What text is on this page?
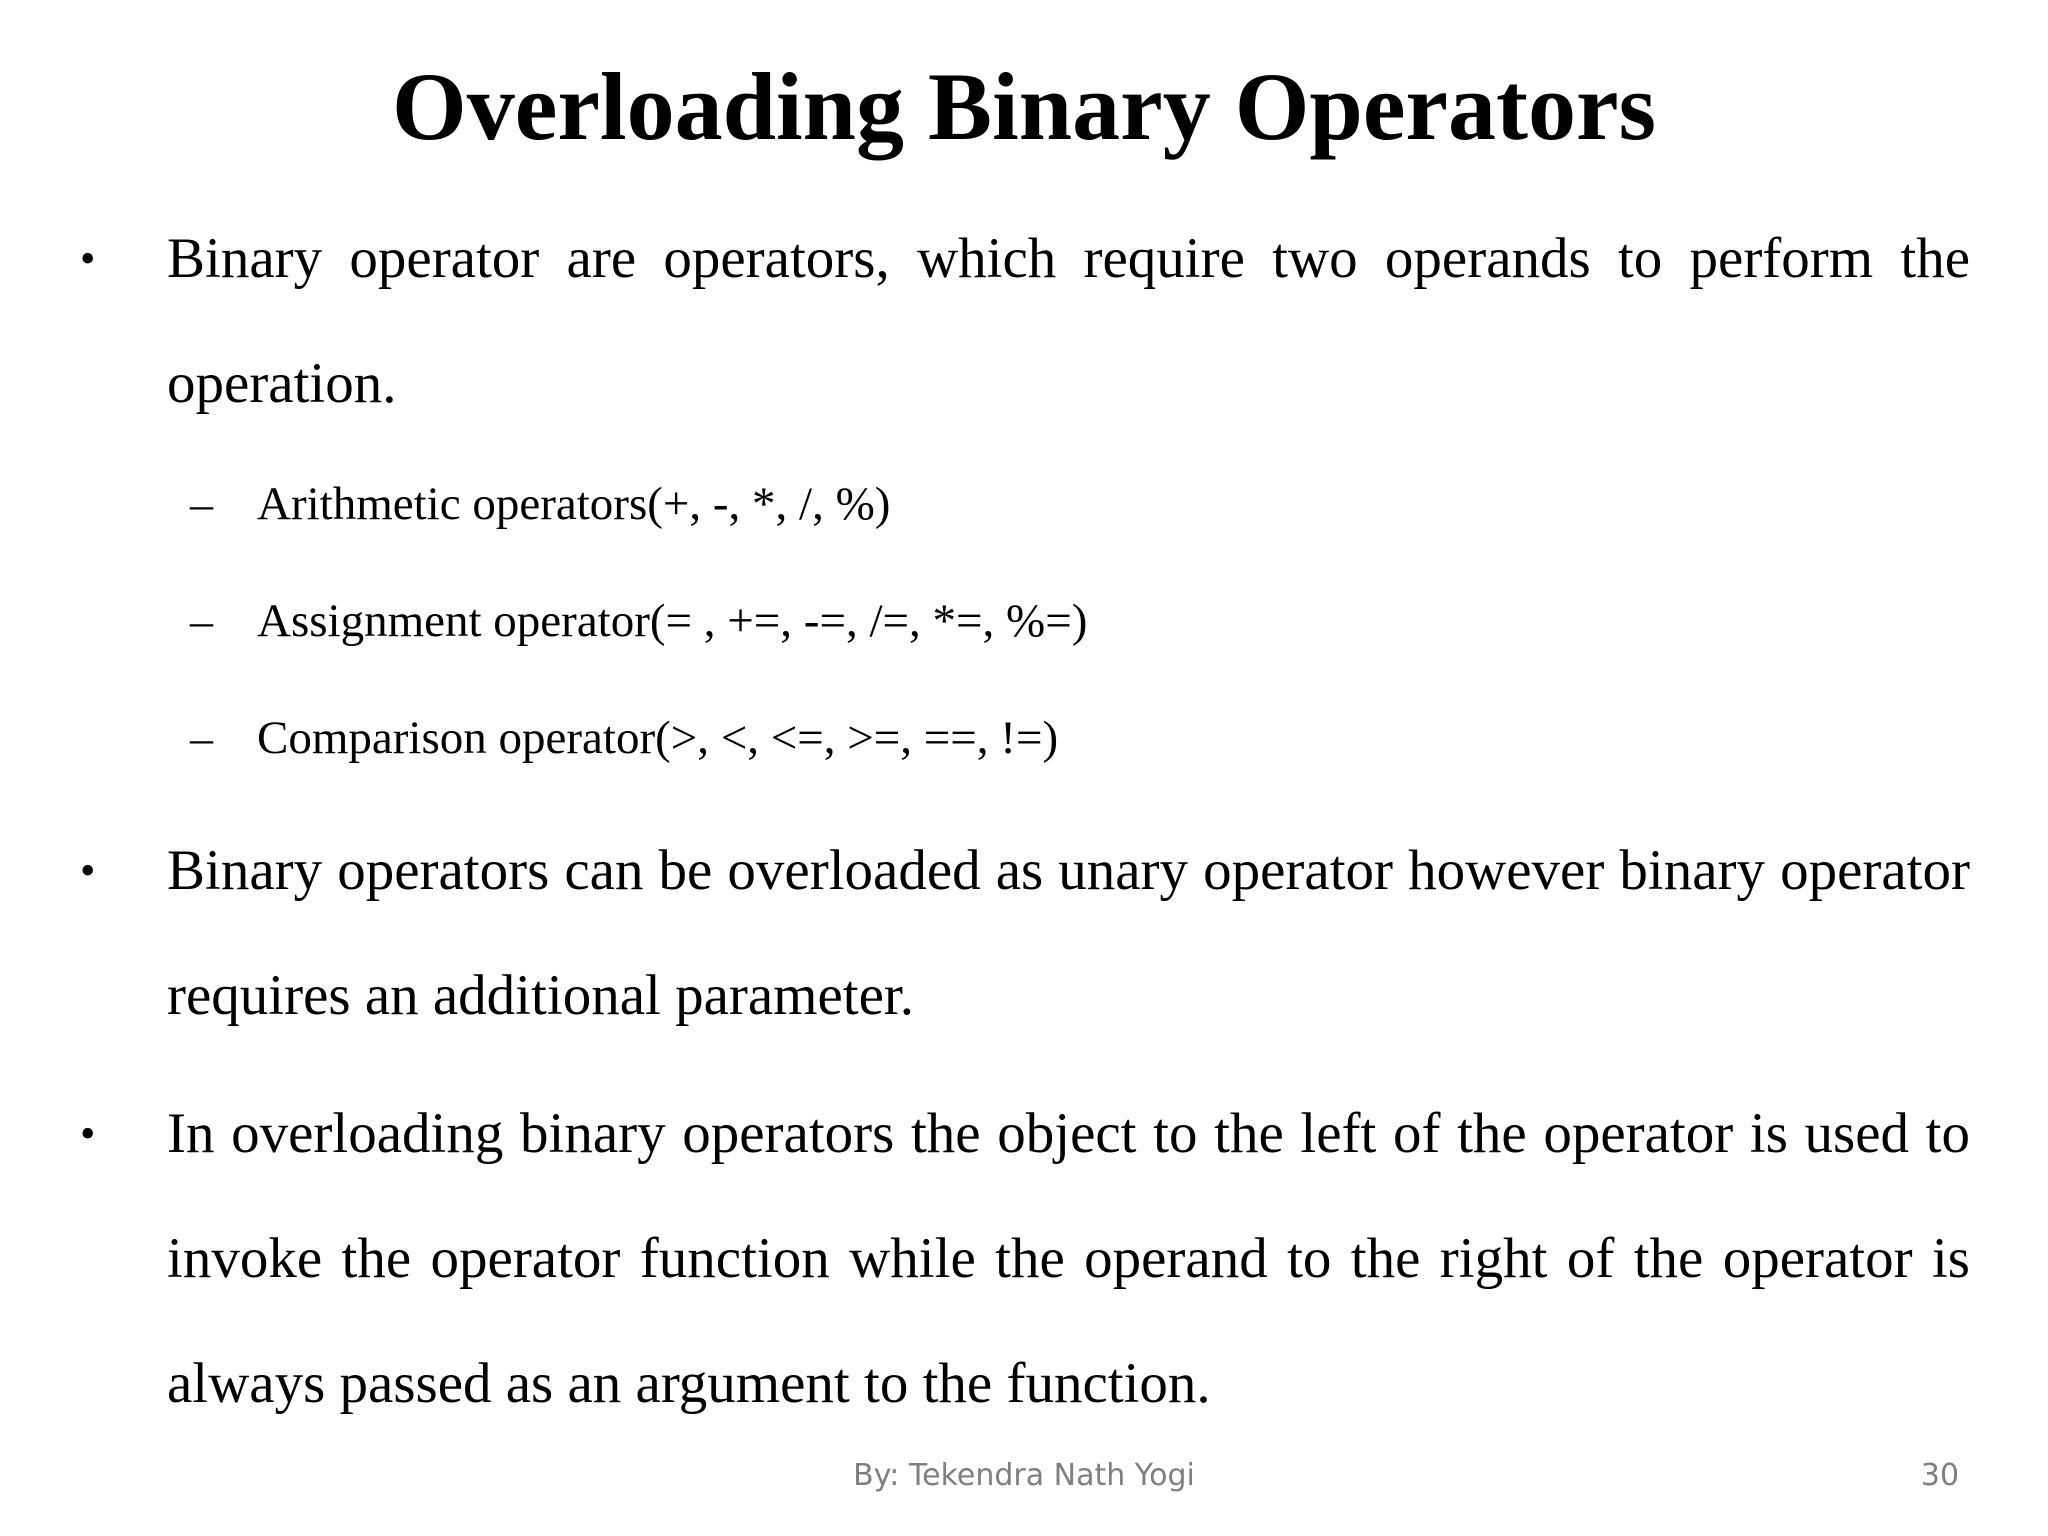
Overloading Binary Operators
• Binary operator are operators, which require two operands to perform the operation.

– Arithmetic operators(+, -, *, /, %)
– Assignment operator(= , +=, -=, /=, *=, %=)
– Comparison operator(>, <, <=, >=, ==, !=)
• Binary operators can be overloaded as unary operator however binary operator requires an additional parameter.

• In overloading binary operators the object to the left of the operator is used to invoke the operator function while the operand to the right of the operator is always passed as an argument to the function.

By: Tekendra Nath Yogi	30
